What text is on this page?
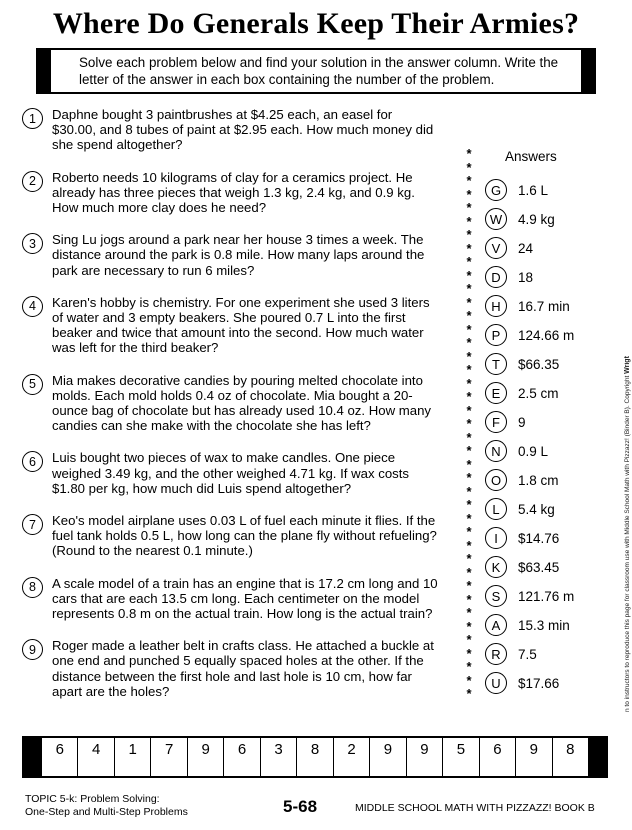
Where Do Generals Keep Their Armies?

Solve each problem below and find your solution in the answer column. Write the letter of the answer in each box containing the number of the problem.

1	Daphne bought 3 paintbrushes at $4.25 each, an easel for $30.00, and 8 tubes of paint at $2.95 each. How much money did she spend altogether?

2	Roberto needs 10 kilograms of clay for a ceramics project. He already has three pieces that weigh 1.3 kg, 2.4 kg, and 0.9 kg. How much more clay does he need?

3	Sing Lu jogs around a park near her house 3 times a week. The distance around the park is 0.8 mile. How many laps around the park are necessary to run 6 miles?

4	Karen's hobby is chemistry. For one experiment she used 3 liters of water and 3 empty beakers. She poured 0.7 L into the first beaker and twice that amount into the second. How much water was left for the third beaker?

5	Mia makes decorative candies by pouring melted chocolate into molds. Each mold holds 0.4 oz of chocolate. Mia bought a 20-ounce bag of chocolate but has already used 10.4 oz. How many candies can she make with the chocolate she has left?

6	Luis bought two pieces of wax to make candles. One piece weighed 3.49 kg, and the other weighed 4.71 kg. If wax costs $1.80 per kg, how much did Luis spend altogether?

7	Keo's model airplane uses 0.03 L of fuel each minute it flies. If the fuel tank holds 0.5 L, how long can the plane fly without refueling? (Round to the nearest 0.1 minute.)

8	A scale model of a train has an engine that is 17.2 cm long and 10 cars that are each 13.5 cm long. Each centimeter on the model represents 0.8 m on the actual train. How long is the actual train?

9	Roger made a leather belt in crafts class. He attached a buckle at one end and punched 5 equally spaced holes at the other. If the distance between the first hole and last hole is 10 cm, how far apart are the holes?

*
*
*
*
*
*
*
*
*
*
*
*
*
*
*
*
*
*
*
*
*
*
*
*
*
*
*
*
*
*
*
*
*
*
*
*
*
*
*
*
*
Answers
G	1.6 L
W	4.9 kg
V	24
D	18
H	16.7 min
P	124.66 m
T	$66.35
E	2.5 cm
F	9
N	0.9 L
O	1.8 cm
L	5.4 kg
I	$14.76
K	$63.45
S	121.76 m
A	15.3 min
R	7.5
U	$17.66
6	4	1	7	9	6	3	8	2	9	9	5	6	9	8
TOPIC 5-k: Problem Solving:
One-Step and Multi-Step Problems	5-68	MIDDLE SCHOOL MATH WITH PIZZAZZ! BOOK B
n to instructors to reproduce this page for classroom use with Middle School Math with Pizzazz! (Binder B). Copyright Wrigt
